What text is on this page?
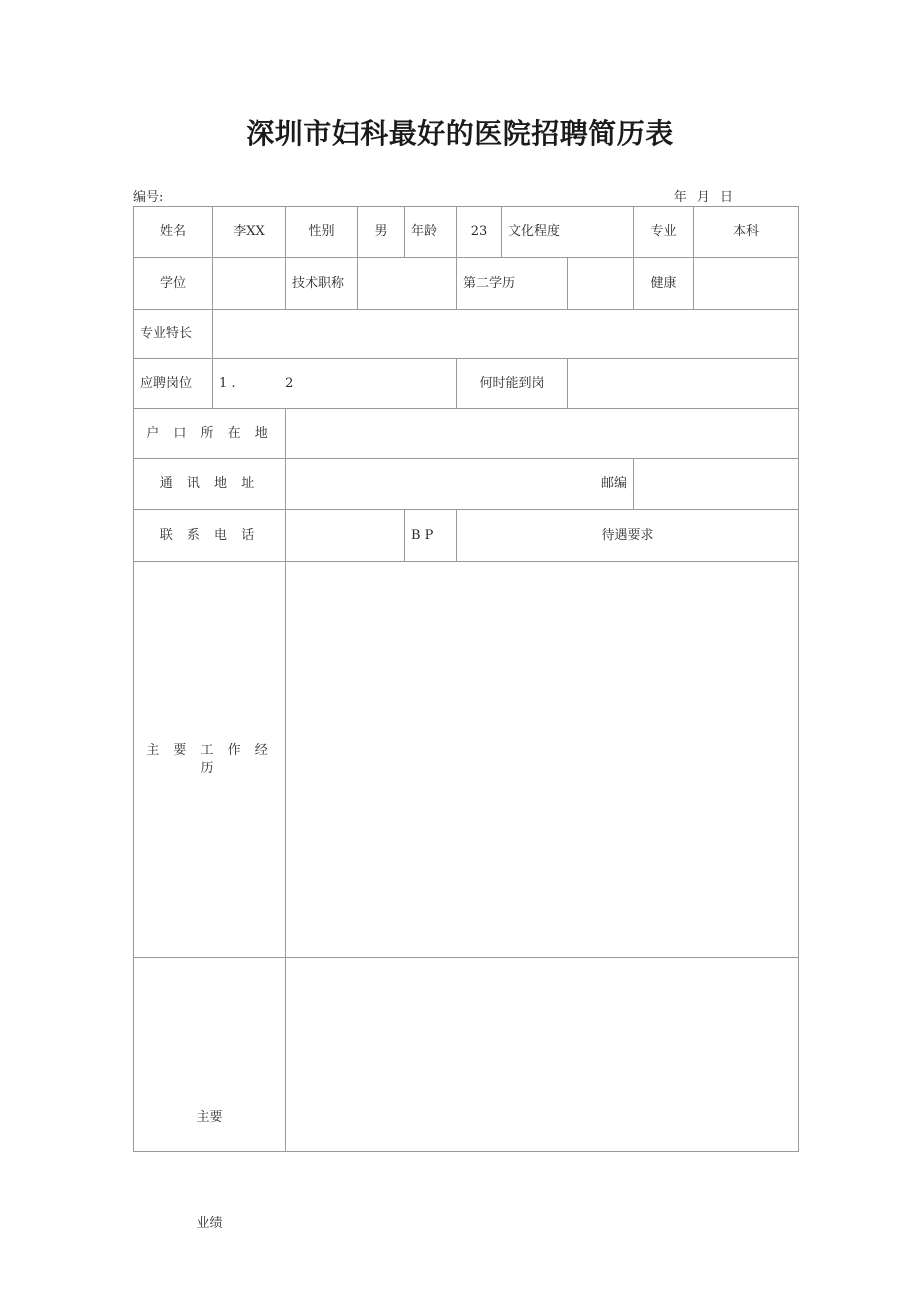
深圳市妇科最好的医院招聘简历表
编号:	年 月 日
姓名	李XX	性别	男	年龄	23	文化程度		专业	本科
学位		技术职称			第二学历			健康	
专业特长									
应聘岗位	1 .            2				何时能到岗				
户 口 所 在 地									
通 讯 地 址		邮编							
联 系 电 话				B P	待遇要求				
主 要 工 作 经 历									

主要
业绩									
